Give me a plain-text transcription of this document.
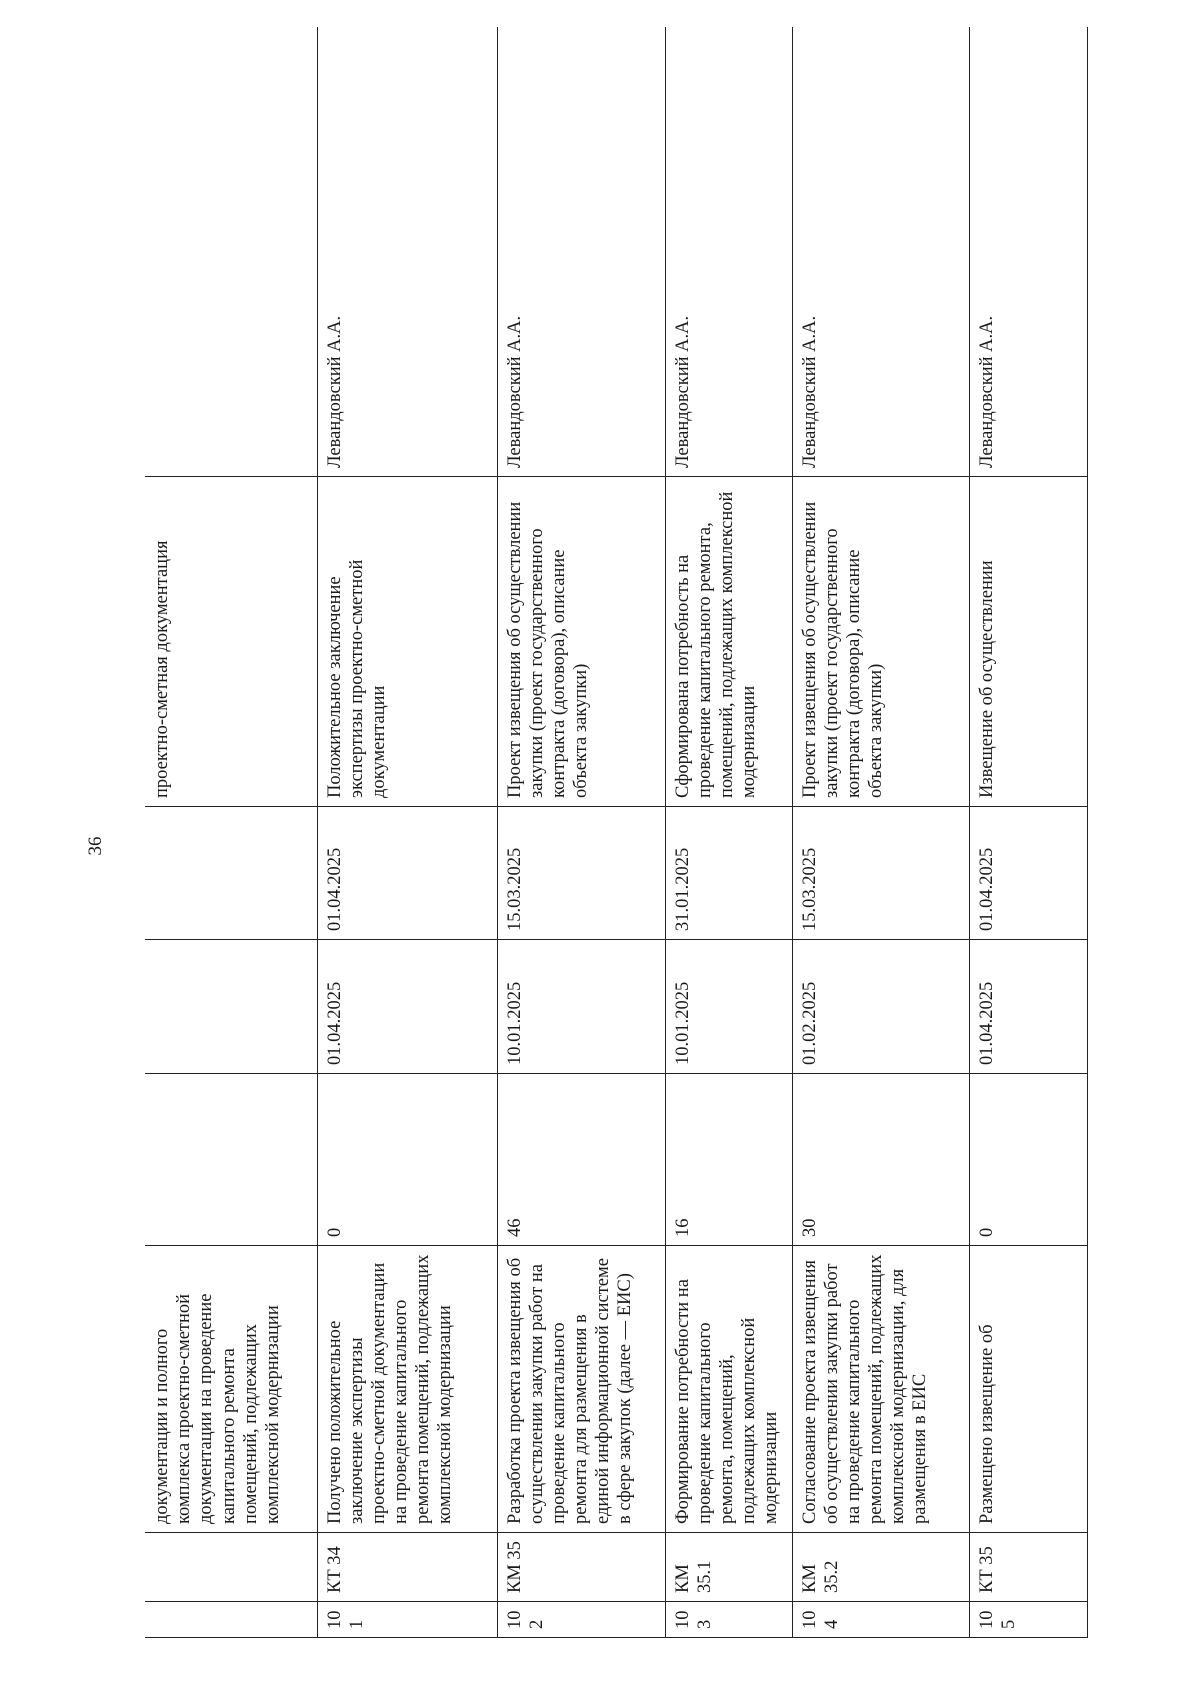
36
		документации и полного комплекса проектно-сметной документации на проведение капитального ремонта помещений, подлежащих комплексной модернизации				проектно-сметная документация	
101	КТ 34	Получено положительное заключение экспертизы проектно-сметной документации на проведение капитального ремонта помещений, подлежащих комплексной модернизации	0	01.04.2025	01.04.2025	Положительное заключение экспертизы проектно-сметной документации	Левандовский А.А.
102	КМ 35	Разработка проекта извещения об осуществлении закупки работ на проведение капитального ремонта для размещения в единой информационной системе в сфере закупок (далее — ЕИС)	46	10.01.2025	15.03.2025	Проект извещения об осуществлении закупки (проект государственного контракта (договора), описание объекта закупки)	Левандовский А.А.
103	КМ 35.1	Формирование потребности на проведение капитального ремонта, помещений, подлежащих комплексной модернизации	16	10.01.2025	31.01.2025	Сформирована потребность на проведение капитального ремонта, помещений, подлежащих комплексной модернизации	Левандовский А.А.
104	КМ 35.2	Согласование проекта извещения об осуществлении закупки работ на проведение капитального ремонта помещений, подлежащих комплексной модернизации, для размещения в ЕИС	30	01.02.2025	15.03.2025	Проект извещения об осуществлении закупки (проект государственного контракта (договора), описание объекта закупки)	Левандовский А.А.
105	КТ 35	Размещено извещение об	0	01.04.2025	01.04.2025	Извещение об осуществлении	Левандовский А.А.
